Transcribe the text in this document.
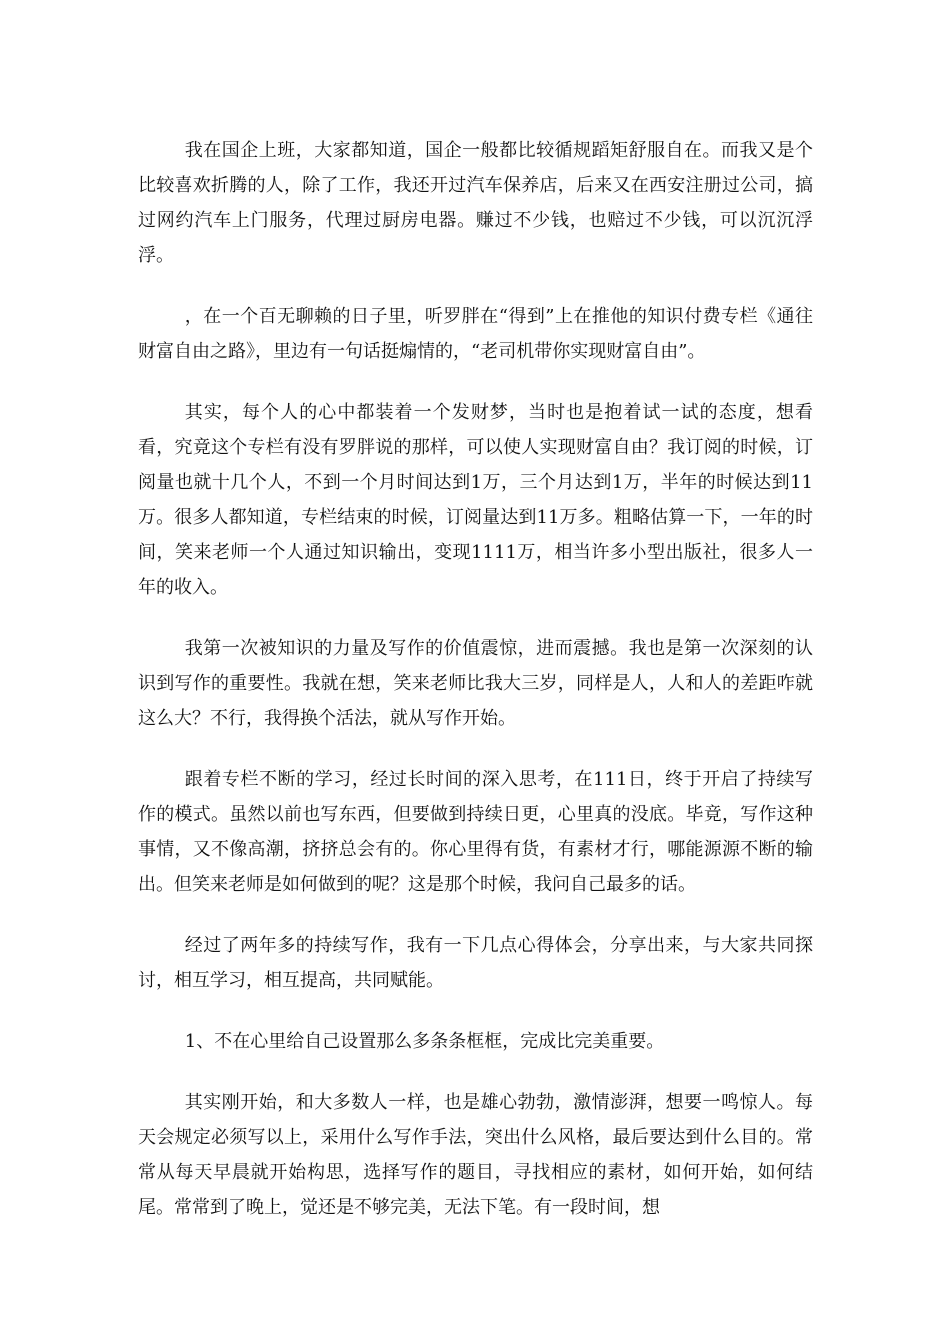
我在国企上班，大家都知道，国企一般都比较循规蹈矩舒服自在。而我又是个比较喜欢折腾的人，除了工作，我还开过汽车保养店，后来又在西安注册过公司，搞过网约汽车上门服务，代理过厨房电器。赚过不少钱，也赔过不少钱，可以沉沉浮浮。

，在一个百无聊赖的日子里，听罗胖在“得到”上在推他的知识付费专栏《通往财富自由之路》，里边有一句话挺煽情的，“老司机带你实现财富自由”。

其实，每个人的心中都装着一个发财梦，当时也是抱着试一试的态度，想看看，究竟这个专栏有没有罗胖说的那样，可以使人实现财富自由？我订阅的时候，订阅量也就十几个人，不到一个月时间达到1万，三个月达到1万，半年的时候达到11万。很多人都知道，专栏结束的时候，订阅量达到11万多。粗略估算一下，一年的时间，笑来老师一个人通过知识输出，变现1111万，相当许多小型出版社，很多人一年的收入。

我第一次被知识的力量及写作的价值震惊，进而震撼。我也是第一次深刻的认识到写作的重要性。我就在想，笑来老师比我大三岁，同样是人，人和人的差距咋就这么大？不行，我得换个活法，就从写作开始。

跟着专栏不断的学习，经过长时间的深入思考，在111日，终于开启了持续写作的模式。虽然以前也写东西，但要做到持续日更，心里真的没底。毕竟，写作这种事情，又不像高潮，挤挤总会有的。你心里得有货，有素材才行，哪能源源不断的输出。但笑来老师是如何做到的呢？这是那个时候，我问自己最多的话。

经过了两年多的持续写作，我有一下几点心得体会，分享出来，与大家共同探讨，相互学习，相互提高，共同赋能。

1、不在心里给自己设置那么多条条框框，完成比完美重要。

其实刚开始，和大多数人一样，也是雄心勃勃，激情澎湃，想要一鸣惊人。每天会规定必须写以上，采用什么写作手法，突出什么风格，最后要达到什么目的。常常从每天早晨就开始构思，选择写作的题目，寻找相应的素材，如何开始，如何结尾。常常到了晚上，觉还是不够完美，无法下笔。有一段时间，想
